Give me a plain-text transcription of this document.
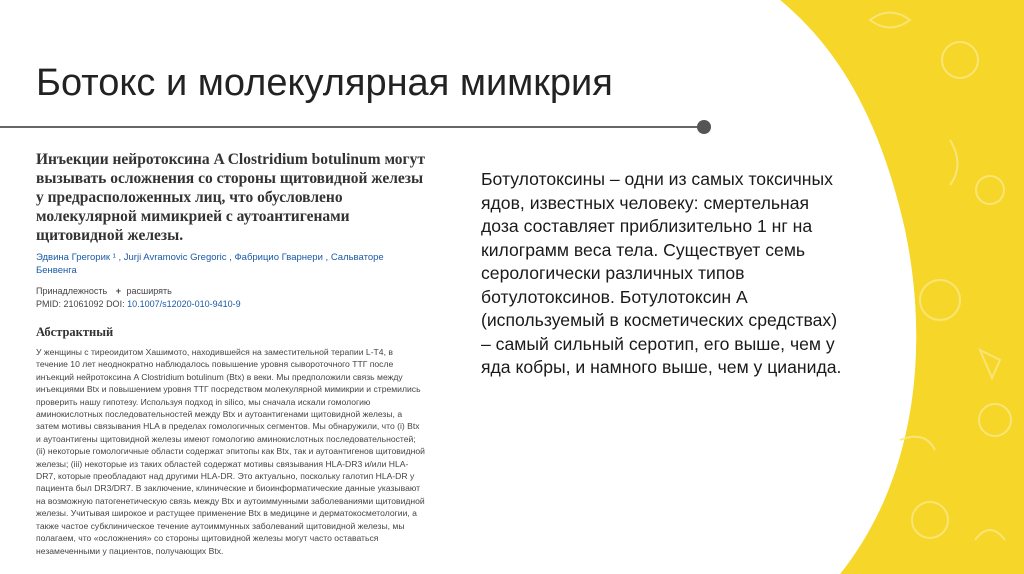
Ботокс и молекулярная мимкрия

Инъекции нейротоксина A Clostridium botulinum могут вызывать осложнения со стороны щитовидной железы у предрасположенных лиц, что обусловлено молекулярной мимикрией с аутоантигенами щитовидной железы.

Эдвина Грегорик ¹ , Jurji Avramovic Gregoric , Фабрицио Гварнери , Сальваторе Бенвенга

Принадлежность + расширять
PMID: 21061092 DOI: 10.1007/s12020-010-9410-9

Абстрактный

У женщины с тиреоидитом Хашимото, находившейся на заместительной терапии L-T4, в течение 10 лет неоднократно наблюдалось повышение уровня сывороточного ТТГ после инъекций нейротоксина A Clostridium botulinum (Btx) в веки. Мы предположили связь между инъекциями Btx и повышением уровня ТТГ посредством молекулярной мимикрии и стремились проверить нашу гипотезу. Используя подход in silico, мы сначала искали гомологию аминокислотных последовательностей между Btx и аутоантигенами щитовидной железы, а затем мотивы связывания HLA в пределах гомологичных сегментов. Мы обнаружили, что (i) Btx и аутоантигены щитовидной железы имеют гомологию аминокислотных последовательностей; (ii) некоторые гомологичные области содержат эпитопы как Btx, так и аутоантигенов щитовидной железы; (iii) некоторые из таких областей содержат мотивы связывания HLA-DR3 и/или HLA-DR7, которые преобладают над другими HLA-DR. Это актуально, поскольку галотип HLA-DR у пациента был DR3/DR7. В заключение, клинические и биоинформатические данные указывают на возможную патогенетическую связь между Btx и аутоиммунными заболеваниями щитовидной железы. Учитывая широкое и растущее применение Btx в медицине и дерматокосметологии, а также частое субклиническое течение аутоиммунных заболеваний щитовидной железы, мы полагаем, что «осложнения» со стороны щитовидной железы могут часто оставаться незамеченными у пациентов, получающих Btx.

Ботулотоксины – одни из самых токсичных ядов, известных человеку: смертельная доза составляет приблизительно 1 нг на килограмм веса тела. Существует семь серологически различных типов ботулотоксинов. Ботулотоксин А (используемый в косметических средствах) – самый сильный серотип, его выше, чем у яда кобры, и намного выше, чем у цианида.
